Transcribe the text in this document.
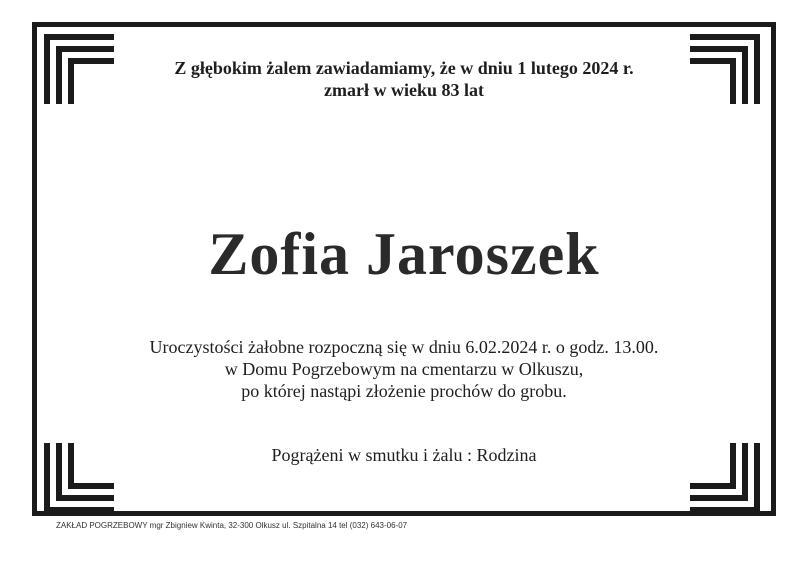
Z głębokim żalem zawiadamiamy, że w dniu 1 lutego 2024 r.
zmarł w wieku 83 lat
Zofia Jaroszek
Uroczystości żałobne rozpoczną się w dniu 6.02.2024 r. o godz. 13.00.
w Domu Pogrzebowym na cmentarzu w Olkuszu,
po której nastąpi złożenie prochów do grobu.
Pogrążeni w smutku i żalu : Rodzina
ZAKŁAD POGRZEBOWY mgr Zbigniew Kwinta, 32-300 Olkusz ul. Szpitalna 14 tel (032) 643-06-07
